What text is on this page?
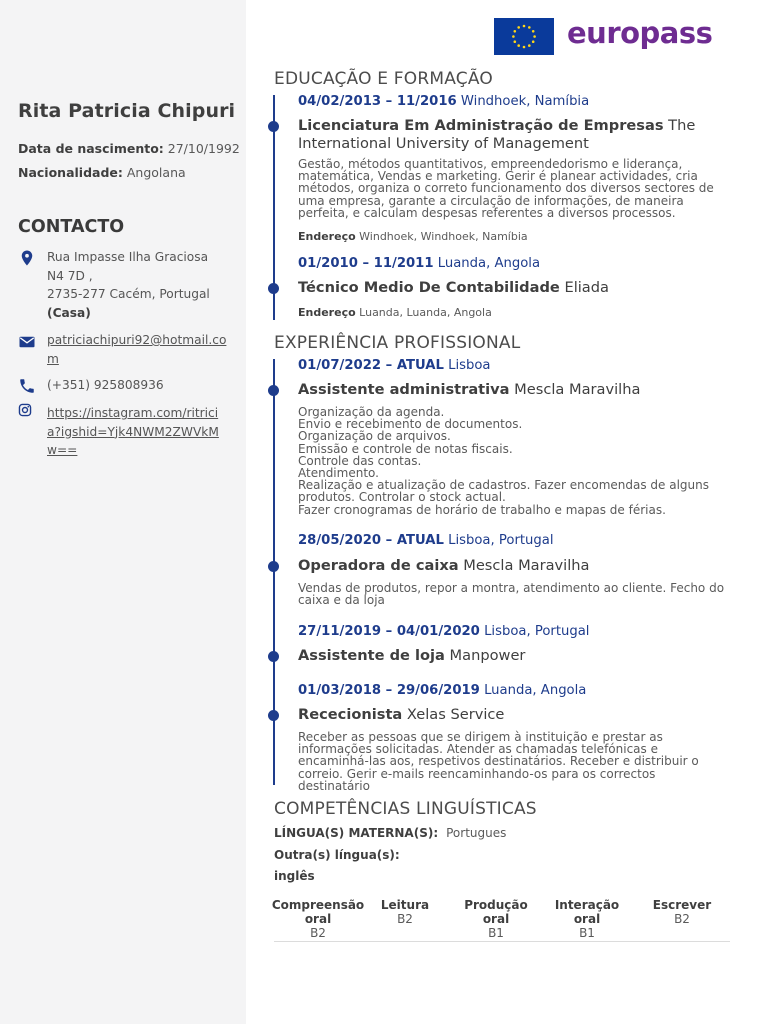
Rita Patricia Chipuri
Data de nascimento: 27/10/1992
Nacionalidade: Angolana
CONTACTO
Rua Impasse Ilha Graciosa
N4 7D ,
2735-277 Cacém, Portugal
(Casa)
patriciachipuri92@hotmail.com
(+351) 925808936
https://instagram.com/ritricia?igshid=Yjk4NWM2ZWVkMw==
europass
EDUCAÇÃO E FORMAÇÃO
04/02/2013 – 11/2016 Windhoek, Namíbia
Licenciatura Em Administração de Empresas The International University of Management
Gestão, métodos quantitativos, empreendedorismo e liderança, matemática, Vendas e marketing. Gerir é planear actividades, cria métodos, organiza o correto funcionamento dos diversos sectores de uma empresa, garante a circulação de informações, de maneira perfeita, e calculam despesas referentes a diversos processos.
Endereço Windhoek, Windhoek, Namíbia
01/2010 – 11/2011 Luanda, Angola
Técnico Medio De Contabilidade Eliada
Endereço Luanda, Luanda, Angola
EXPERIÊNCIA PROFISSIONAL
01/07/2022 – ATUAL Lisboa
Assistente administrativa Mescla Maravilha
Organização da agenda.
Envio e recebimento de documentos.
Organização de arquivos.
Emissão e controle de notas fiscais.
Controle das contas.
Atendimento.
Realização e atualização de cadastros. Fazer encomendas de alguns
produtos. Controlar o stock actual.
Fazer cronogramas de horário de trabalho e mapas de férias.
28/05/2020 – ATUAL Lisboa, Portugal
Operadora de caixa Mescla Maravilha
Vendas de produtos, repor a montra, atendimento ao cliente. Fecho do caixa e da loja
27/11/2019 – 04/01/2020 Lisboa, Portugal
Assistente de loja Manpower
01/03/2018 – 29/06/2019 Luanda, Angola
Rececionista Xelas Service
Receber as pessoas que se dirigem à instituição e prestar as informações solicitadas. Atender as chamadas telefónicas e encaminhá-las aos, respetivos destinatários. Receber e distribuir o correio. Gerir e-mails reencaminhando-os para os correctos destinatário
COMPETÊNCIAS LINGUÍSTICAS
LÍNGUA(S) MATERNA(S): Portugues
Outra(s) língua(s):
inglês
Compreensão oral
Leitura	Produção oral
Interação oral
Escrever
B2
B2
B1	B1
B2
